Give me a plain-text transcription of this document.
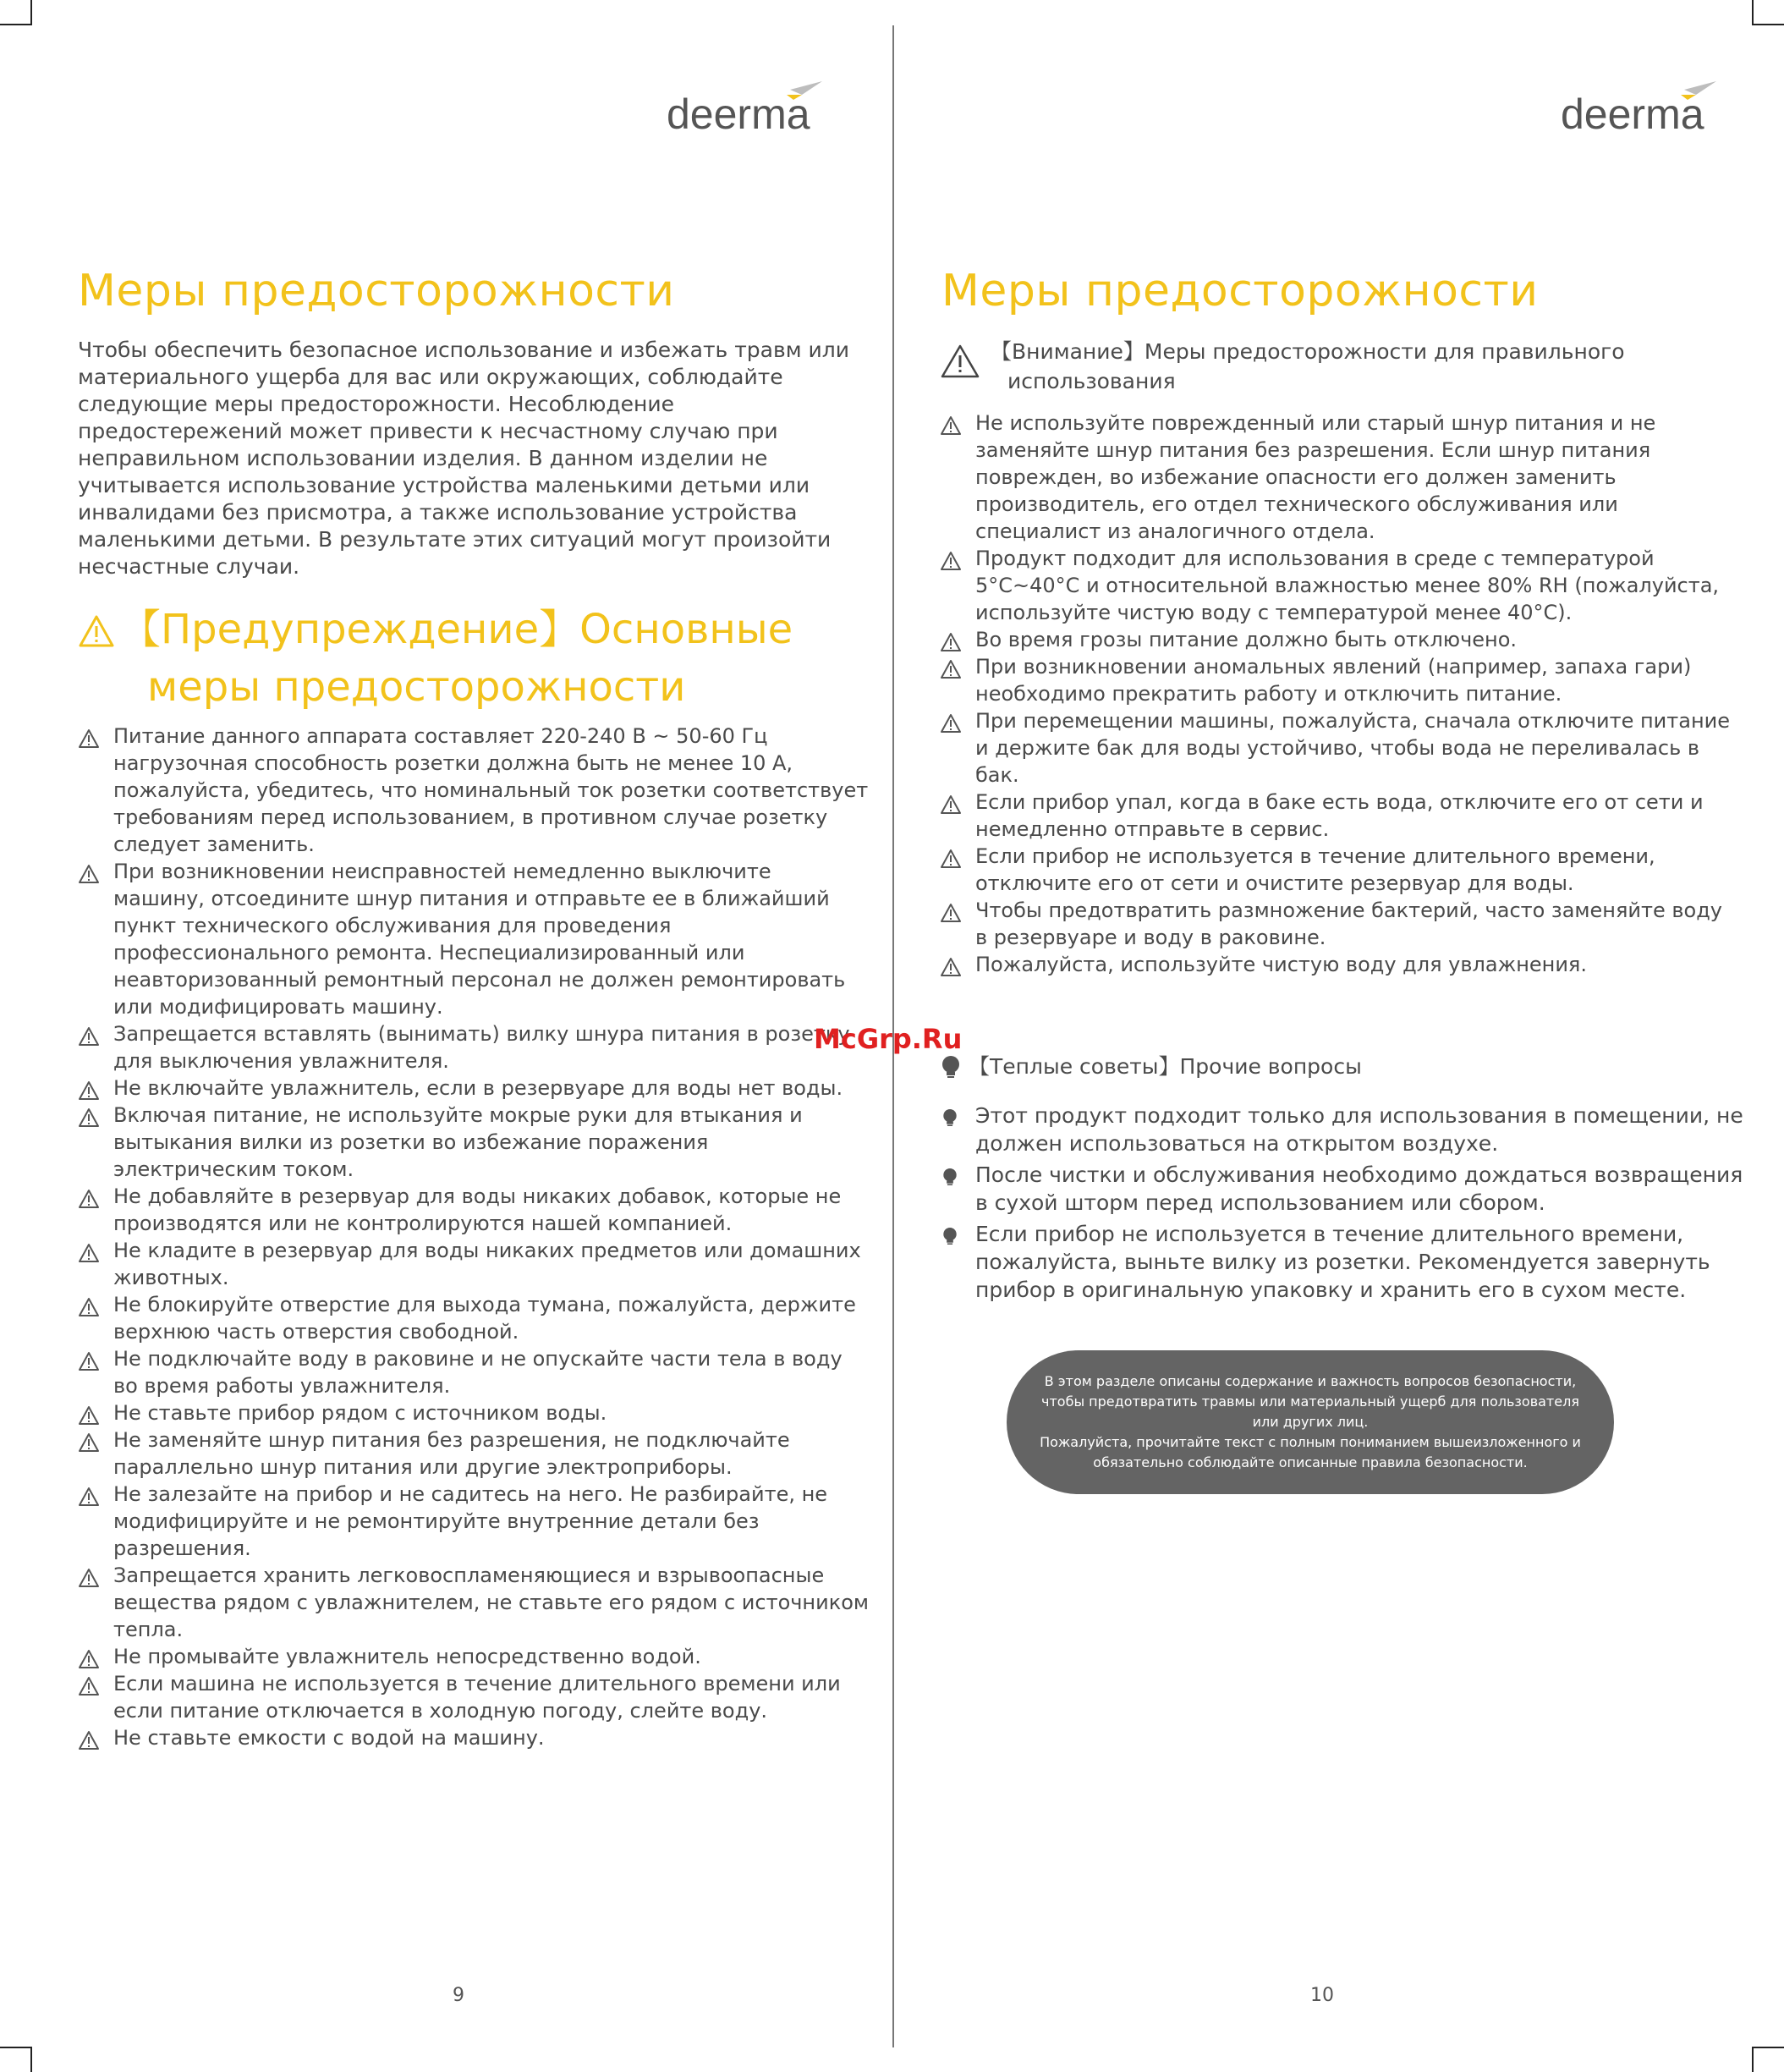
deerma
Меры предосторожности

Чтобы обеспечить безопасное использование и избежать травм или материального ущерба для вас или окружающих, соблюдайте следующие меры предосторожности. Несоблюдение предостережений может привести к несчастному случаю при неправильном использовании изделия. В данном изделии не учитывается использование устройства маленькими детьми или инвалидами без присмотра, а также использование устройства маленькими детьми. В результате этих ситуаций могут произойти несчастные случаи.

【Предупреждение】Основные
меры предосторожности
Питание данного аппарата составляет 220-240 В ~ 50-60 Гц нагрузочная способность розетки должна быть не менее 10 А, пожалуйста, убедитесь, что номинальный ток розетки соответствует требованиям перед использованием, в противном случае розетку следует заменить.
При возникновении неисправностей немедленно выключите машину, отсоедините шнур питания и отправьте ее в ближайший пункт технического обслуживания для проведения профессионального ремонта. Неспециализированный или неавторизованный ремонтный персонал не должен ремонтировать или модифицировать машину.
Запрещается вставлять (вынимать) вилку шнура питания в розетку для выключения увлажнителя.
Не включайте увлажнитель, если в резервуаре для воды нет воды.
Включая питание, не используйте мокрые руки для втыкания и вытыкания вилки из розетки во избежание поражения электрическим током.
Не добавляйте в резервуар для воды никаких добавок, которые не производятся или не контролируются нашей компанией.
Не кладите в резервуар для воды никаких предметов или домашних животных.
Не блокируйте отверстие для выхода тумана, пожалуйста, держите верхнюю часть отверстия свободной.
Не подключайте воду в раковине и не опускайте части тела в воду во время работы увлажнителя.
Не ставьте прибор рядом с источником воды.
Не заменяйте шнур питания без разрешения, не подключайте параллельно шнур питания или другие электроприборы.
Не залезайте на прибор и не садитесь на него. Не разбирайте, не модифицируйте и не ремонтируйте внутренние детали без разрешения.
Запрещается хранить легковоспламеняющиеся и взрывоопасные вещества рядом с увлажнителем, не ставьте его рядом с источником тепла.
Не промывайте увлажнитель непосредственно водой.
Если машина не используется в течение длительного времени или если питание отключается в холодную погоду, слейте воду.
Не ставьте емкости с водой на машину.
9
deerma
Меры предосторожности
【Внимание】Меры предосторожности для правильного
использования
Не используйте поврежденный или старый шнур питания и не заменяйте шнур питания без разрешения. Если шнур питания поврежден, во избежание опасности его должен заменить производитель, его отдел технического обслуживания или специалист из аналогичного отдела.
Продукт подходит для использования в среде с температурой 5°C~40°C и относительной влажностью менее 80% RH (пожалуйста, используйте чистую воду с температурой менее 40°C).
Во время грозы питание должно быть отключено.
При возникновении аномальных явлений (например, запаха гари) необходимо прекратить работу и отключить питание.
При перемещении машины, пожалуйста, сначала отключите питание и держите бак для воды устойчиво, чтобы вода не переливалась в бак.
Если прибор упал, когда в баке есть вода, отключите его от сети и немедленно отправьте в сервис.
Если прибор не используется в течение длительного времени, отключите его от сети и очистите резервуар для воды.
Чтобы предотвратить размножение бактерий, часто заменяйте воду в резервуаре и воду в раковине.
Пожалуйста, используйте чистую воду для увлажнения.
【Теплые советы】Прочие вопросы
Этот продукт подходит только для использования в помещении, не должен использоваться на открытом воздухе.
После чистки и обслуживания необходимо дождаться возвращения в сухой шторм перед использованием или сбором.
Если прибор не используется в течение длительного времени, пожалуйста, выньте вилку из розетки. Рекомендуется завернуть прибор в оригинальную упаковку и хранить его в сухом месте.

В этом разделе описаны содержание и важность вопросов безопасности, чтобы предотвратить травмы или материальный ущерб для пользователя или других лиц.

Пожалуйста, прочитайте текст с полным пониманием вышеизложенного и обязательно соблюдайте описанные правила безопасности.

10
McGrp.Ru
